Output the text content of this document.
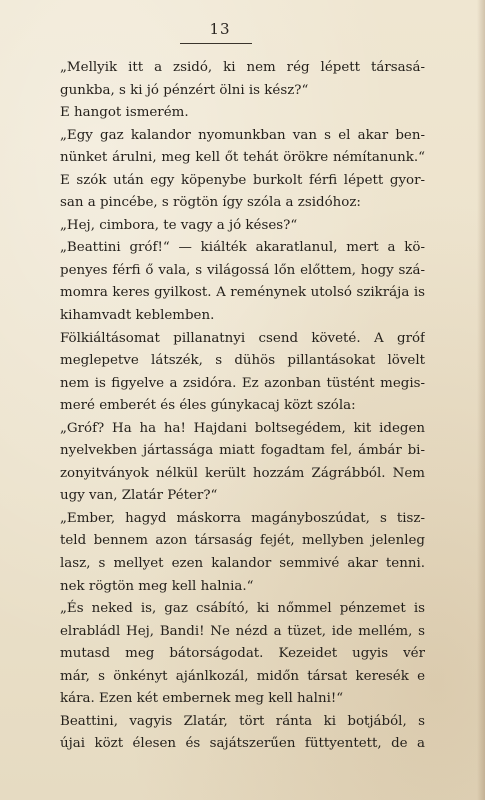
13
„Mellyik itt a zsidó, ki nem rég lépett társasá-
gunkba, s ki jó pénzért ölni is kész?“
E hangot ismerém.
„Egy gaz kalandor nyomunkban van s el akar ben-
nünket árulni, meg kell őt tehát örökre némítanunk.“
E szók után egy köpenybe burkolt férfi lépett gyor-
san a pincébe, s rögtön így szóla a zsidóhoz:
„Hej, cimbora, te vagy a jó késes?“
„Beattini gróf!“ — kiálték akaratlanul, mert a kö-
penyes férfi ő vala, s világossá lőn előttem, hogy szá-
momra keres gyilkost. A reménynek utolsó szikrája is
kihamvadt keblemben.
Fölkiáltásomat pillanatnyi csend követé. A gróf
meglepetve látszék, s dühös pillantásokat lövelt
nem is figyelve a zsidóra. Ez azonban tüstént megis-
meré emberét és éles gúnykacaj közt szóla:
„Gróf? Ha ha ha! Hajdani boltsegédem, kit idegen
nyelvekben jártassága miatt fogadtam fel, ámbár bi-
zonyitványok nélkül került hozzám Zágrábból. Nem
ugy van, Zlatár Péter?“
„Ember, hagyd máskorra magányboszúdat, s tisz-
teld bennem azon társaság fejét, mellyben jelenleg
lasz, s mellyet ezen kalandor semmivé akar tenni.
nek rögtön meg kell halnia.“
„És neked is, gaz csábító, ki nőmmel pénzemet is
elrabládl Hej, Bandi! Ne nézd a tüzet, ide mellém, s
mutasd meg bátorságodat. Kezeidet ugyis vér
már, s önkényt ajánlkozál, midőn társat keresék e
kára. Ezen két embernek meg kell halni!“
Beattini, vagyis Zlatár, tört ránta ki botjából, s
újai közt élesen és sajátszerűen füttyentett, de a
